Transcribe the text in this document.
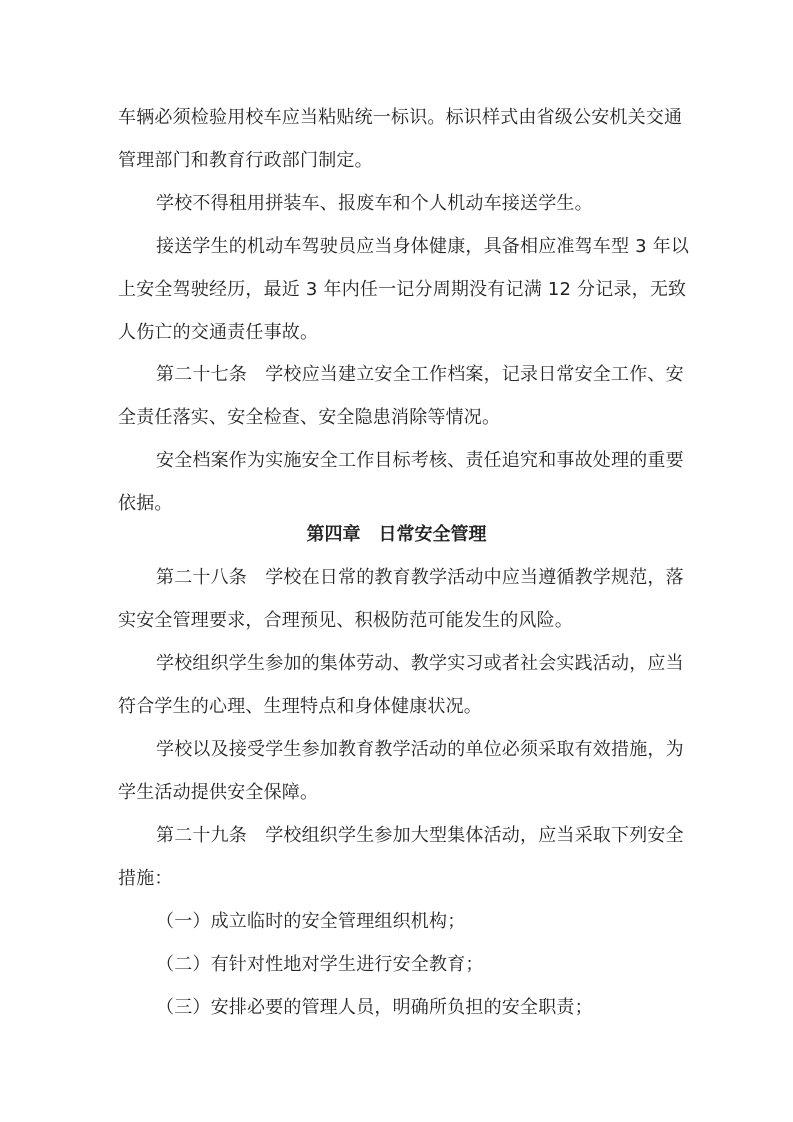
车辆必须检验用校车应当粘贴统一标识。标识样式由省级公安机关交通
管理部门和教育行政部门制定。
学校不得租用拼装车、报废车和个人机动车接送学生。
接送学生的机动车驾驶员应当身体健康，具备相应准驾车型 3 年以
上安全驾驶经历，最近 3 年内任一记分周期没有记满 12 分记录，无致
人伤亡的交通责任事故。
第二十七条　学校应当建立安全工作档案，记录日常安全工作、安
全责任落实、安全检查、安全隐患消除等情况。
安全档案作为实施安全工作目标考核、责任追究和事故处理的重要
依据。
第四章　日常安全管理
第二十八条　学校在日常的教育教学活动中应当遵循教学规范，落
实安全管理要求，合理预见、积极防范可能发生的风险。
学校组织学生参加的集体劳动、教学实习或者社会实践活动，应当
符合学生的心理、生理特点和身体健康状况。
学校以及接受学生参加教育教学活动的单位必须采取有效措施，为
学生活动提供安全保障。
第二十九条　学校组织学生参加大型集体活动，应当采取下列安全
措施：
（一）成立临时的安全管理组织机构；
（二）有针对性地对学生进行安全教育；
（三）安排必要的管理人员，明确所负担的安全职责；
